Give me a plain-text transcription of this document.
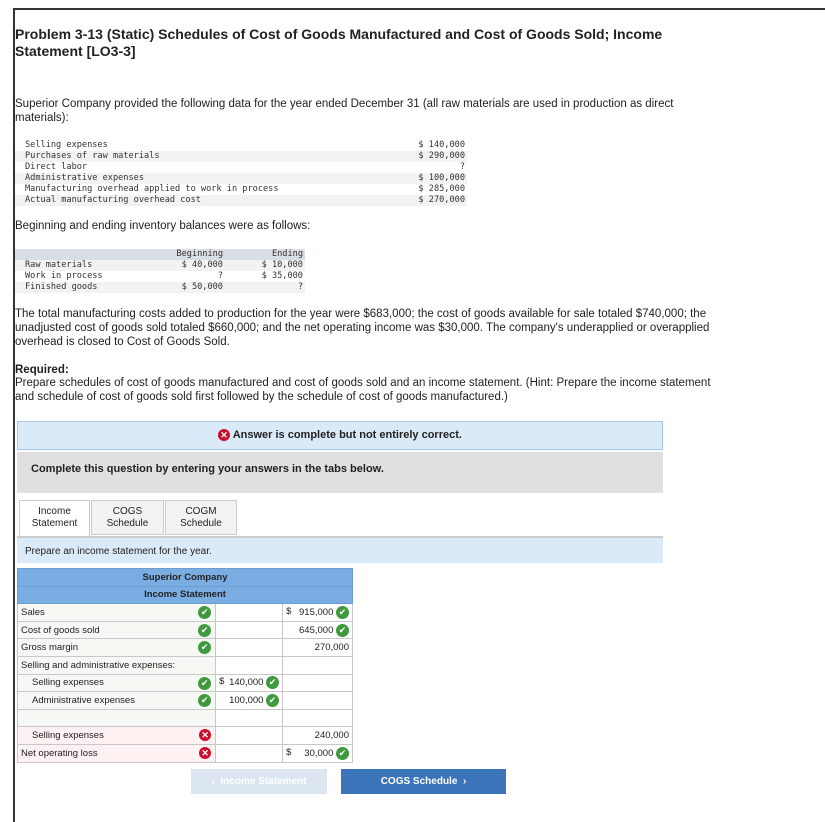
Problem 3-13 (Static) Schedules of Cost of Goods Manufactured and Cost of Goods Sold; Income Statement [LO3-3]
Superior Company provided the following data for the year ended December 31 (all raw materials are used in production as direct materials):
Selling expenses	$ 140,000
Purchases of raw materials	$ 290,000
Direct labor	?
Administrative expenses	$ 100,000
Manufacturing overhead applied to work in process	$ 285,000
Actual manufacturing overhead cost	$ 270,000
Beginning and ending inventory balances were as follows:
	Beginning		Ending
Raw materials	$ 40,000		$ 10,000
Work in process	?		$ 35,000
Finished goods	$ 50,000		?
The total manufacturing costs added to production for the year were $683,000; the cost of goods available for sale totaled $740,000; the unadjusted cost of goods sold totaled $660,000; and the net operating income was $30,000. The company's underapplied or overapplied overhead is closed to Cost of Goods Sold.
Required:
Prepare schedules of cost of goods manufactured and cost of goods sold and an income statement. (Hint: Prepare the income statement and schedule of cost of goods sold first followed by the schedule of cost of goods manufactured.)
✕ Answer is complete but not entirely correct.
Complete this question by entering your answers in the tabs below.
Income
Statement
COGS
Schedule
COGM
Schedule
Prepare an income statement for the year.
Superior Company		
Income Statement		
Sales ✔		$ 915,000 ✔
Cost of goods sold ✔		645,000 ✔
Gross margin ✔		270,000
Selling and administrative expenses:

Selling expenses ✔	$ 140,000 ✔	

Administrative expenses ✔	100,000 ✔	

Selling expenses ✕		240,000
Net operating loss ✕		$ 30,000 ✔
‹  Income Statement	COGS Schedule  ›
